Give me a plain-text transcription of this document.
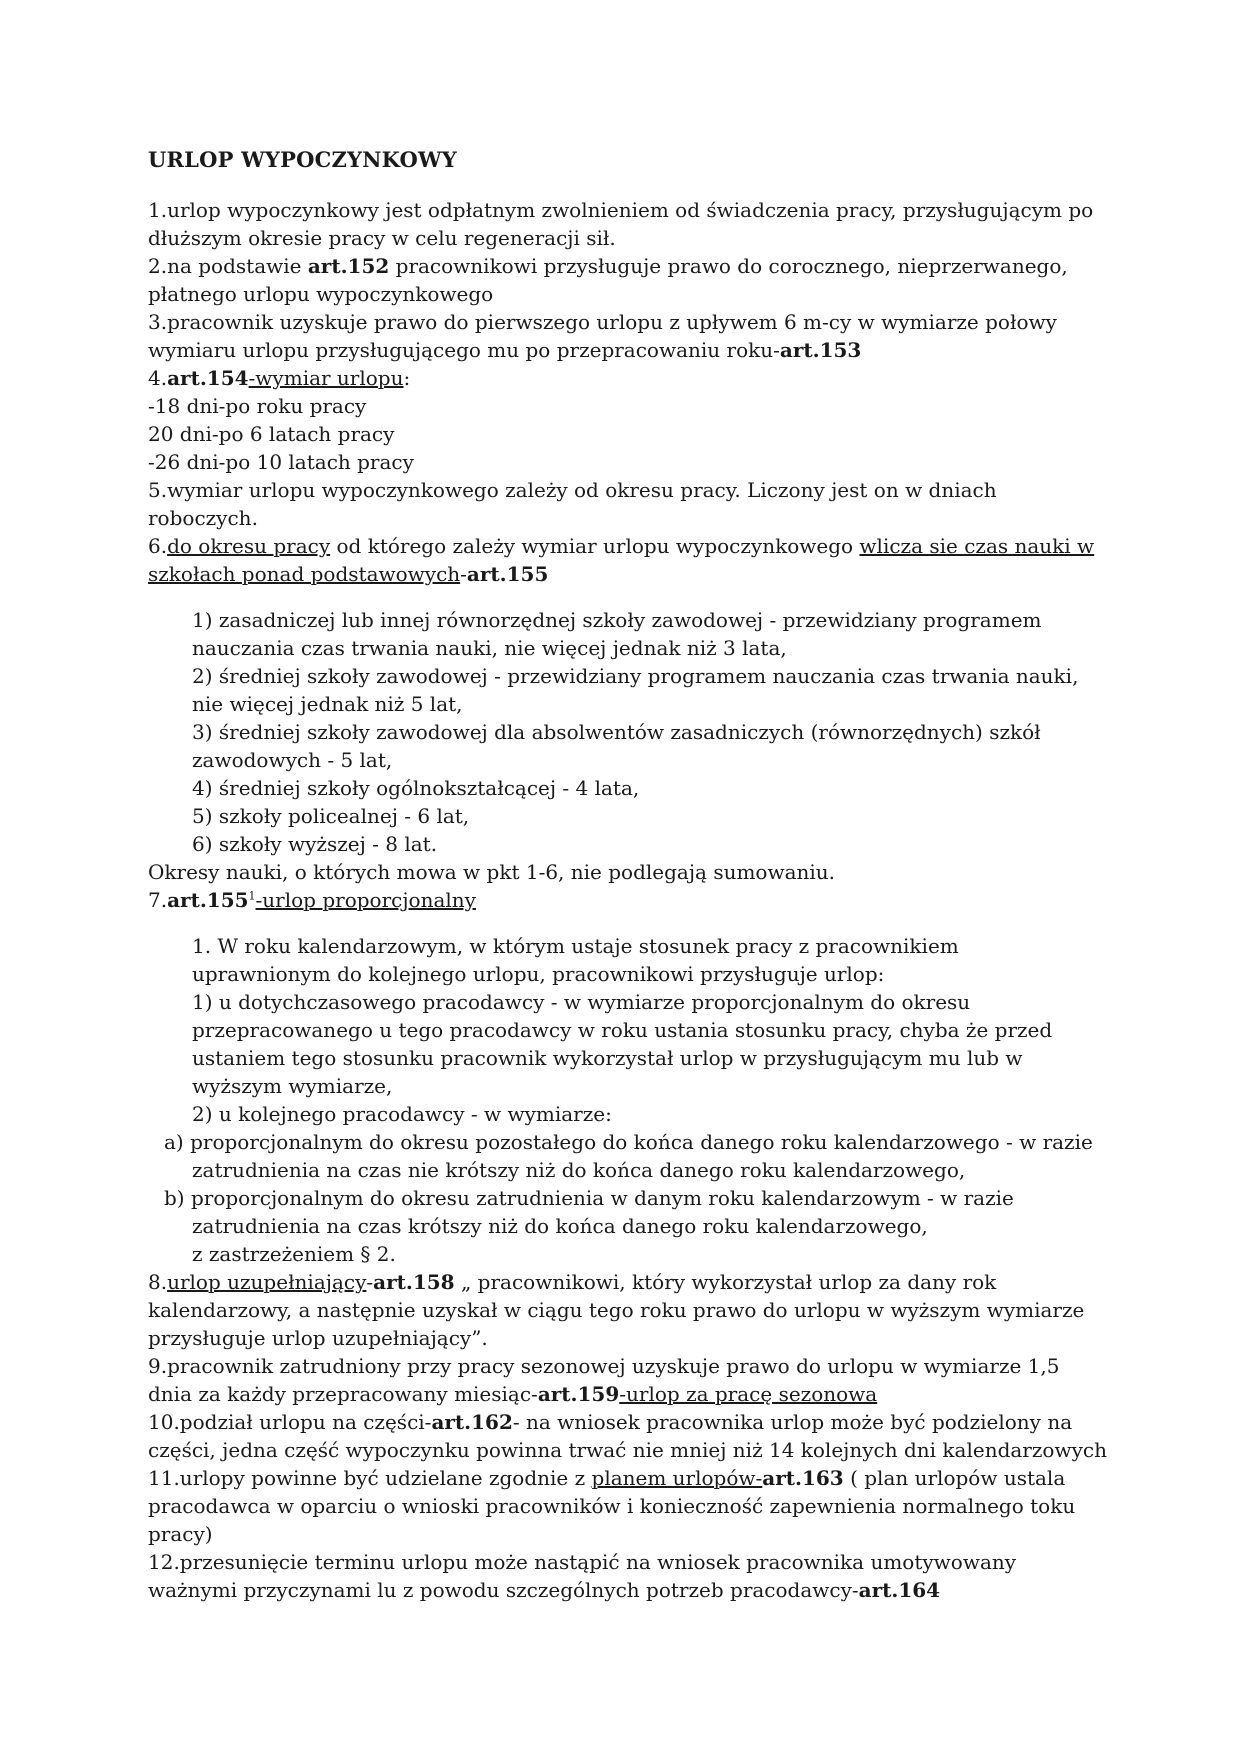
URLOP WYPOCZYNKOWY

1.urlop wypoczynkowy jest odpłatnym zwolnieniem od świadczenia pracy, przysługującym po dłuższym okresie pracy w celu regeneracji sił.

2.na podstawie art.152 pracownikowi przysługuje prawo do corocznego, nieprzerwanego, płatnego urlopu wypoczynkowego

3.pracownik uzyskuje prawo do pierwszego urlopu z upływem 6 m-cy w wymiarze połowy wymiaru urlopu przysługującego mu po przepracowaniu roku-art.153

4.art.154-wymiar urlopu:

-18 dni-po roku pracy

20 dni-po 6 latach pracy

-26 dni-po 10 latach pracy

5.wymiar urlopu wypoczynkowego zależy od okresu pracy. Liczony jest on w dniach roboczych.

6.do okresu pracy od którego zależy wymiar urlopu wypoczynkowego wlicza sie czas nauki w szkołach ponad podstawowych-art.155

1) zasadniczej lub innej równorzędnej szkoły zawodowej - przewidziany programem nauczania czas trwania nauki, nie więcej jednak niż 3 lata,

2) średniej szkoły zawodowej - przewidziany programem nauczania czas trwania nauki, nie więcej jednak niż 5 lat,

3) średniej szkoły zawodowej dla absolwentów zasadniczych (równorzędnych) szkół zawodowych - 5 lat,

4) średniej szkoły ogólnokształcącej - 4 lata,

5) szkoły policealnej - 6 lat,

6) szkoły wyższej - 8 lat.

Okresy nauki, o których mowa w pkt 1-6, nie podlegają sumowaniu.

7.art.155$^1$-urlop proporcjonalny

1. W roku kalendarzowym, w którym ustaje stosunek pracy z pracownikiem uprawnionym do kolejnego urlopu, pracownikowi przysługuje urlop:

1) u dotychczasowego pracodawcy - w wymiarze proporcjonalnym do okresu przepracowanego u tego pracodawcy w roku ustania stosunku pracy, chyba że przed ustaniem tego stosunku pracownik wykorzystał urlop w przysługującym mu lub w wyższym wymiarze,

2) u kolejnego pracodawcy - w wymiarze:

a) proporcjonalnym do okresu pozostałego do końca danego roku kalendarzowego - w razie zatrudnienia na czas nie krótszy niż do końca danego roku kalendarzowego,

b) proporcjonalnym do okresu zatrudnienia w danym roku kalendarzowym - w razie zatrudnienia na czas krótszy niż do końca danego roku kalendarzowego,

z zastrzeżeniem § 2.

8.urlop uzupełniający-art.158 „ pracownikowi, który wykorzystał urlop za dany rok kalendarzowy, a następnie uzyskał w ciągu tego roku prawo do urlopu w wyższym wymiarze przysługuje urlop uzupełniający”.

9.pracownik zatrudniony przy pracy sezonowej uzyskuje prawo do urlopu w wymiarze 1,5 dnia za każdy przepracowany miesiąc-art.159-urlop za pracę sezonowa

10.podział urlopu na części-art.162- na wniosek pracownika urlop może być podzielony na części, jedna część wypoczynku powinna trwać nie mniej niż 14 kolejnych dni kalendarzowych

11.urlopy powinne być udzielane zgodnie z planem urlopów-art.163 ( plan urlopów ustala pracodawca w oparciu o wnioski pracowników i konieczność zapewnienia normalnego toku pracy)

12.przesunięcie terminu urlopu może nastąpić na wniosek pracownika umotywowany ważnymi przyczynami lu z powodu szczególnych potrzeb pracodawcy-art.164
